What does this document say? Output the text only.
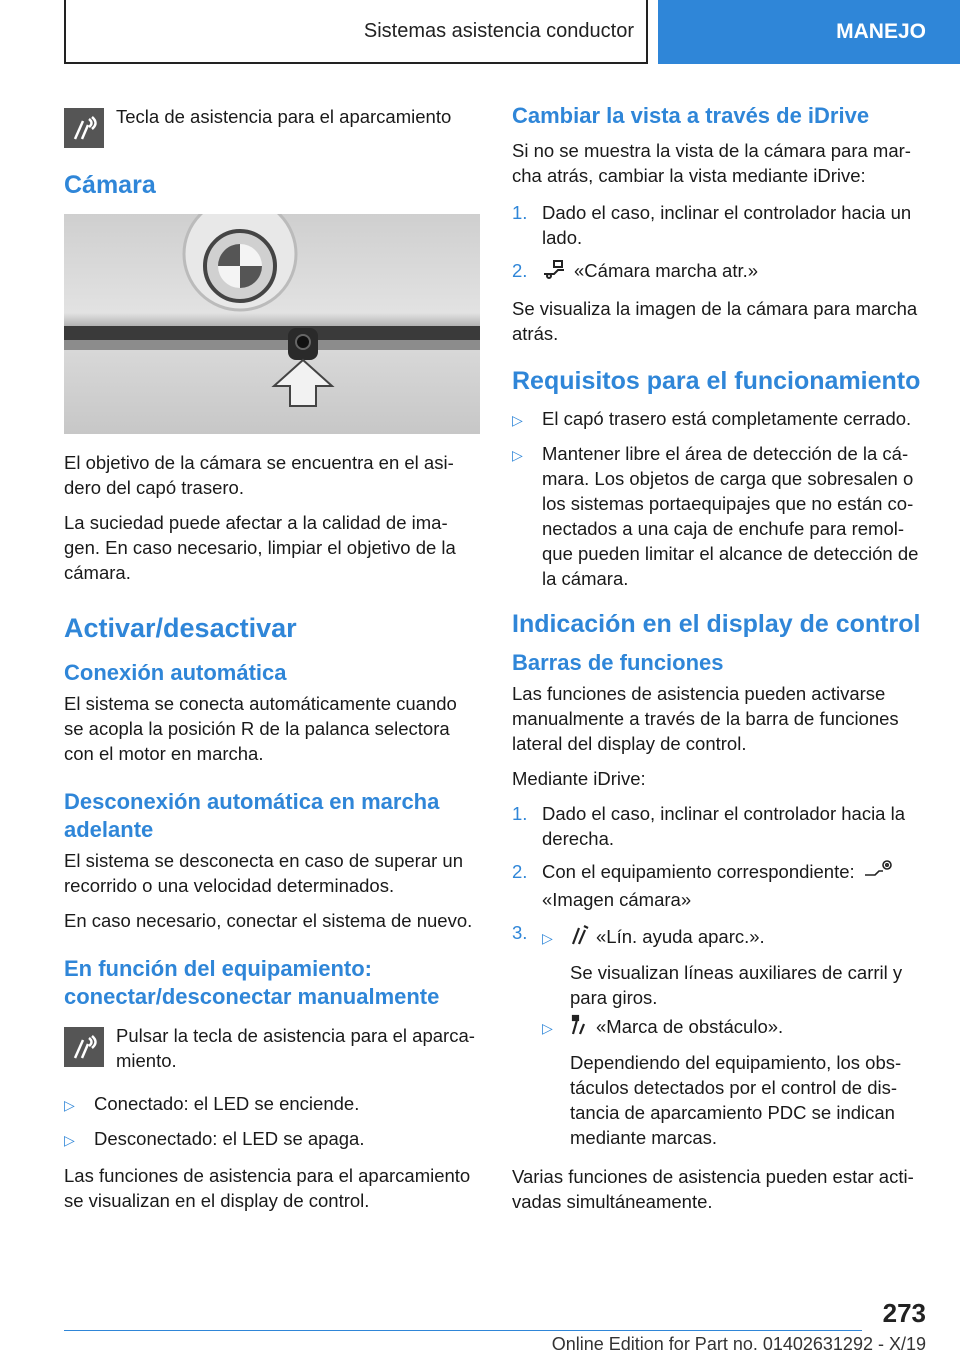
Sistemas asistencia conductor	MANEJO

Tecla de asistencia para el aparcamiento

Cámara

El objetivo de la cámara se encuentra en el asi- dero del capó trasero.

La suciedad puede afectar a la calidad de ima- gen. En caso necesario, limpiar el objetivo de la cámara.

Activar/desactivar
Conexión automática

El sistema se conecta automáticamente cuando se acopla la posición R de la palanca selectora con el motor en marcha.

Desconexión automática en marcha adelante

El sistema se desconecta en caso de superar un recorrido o una velocidad determinados.

En caso necesario, conectar el sistema de nuevo.

En función del equipamiento: conectar/desconectar manualmente

Pulsar la tecla de asistencia para el aparca- miento.

▷	Conectado: el LED se enciende.
▷	Desconectado: el LED se apaga.

Las funciones de asistencia para el aparcamiento se visualizan en el display de control.

Cambiar la vista a través de iDrive

Si no se muestra la vista de la cámara para mar- cha atrás, cambiar la vista mediante iDrive:

1. Dado el caso, inclinar el controlador hacia un lado.
2.	«Cámara marcha atr.»

Se visualiza la imagen de la cámara para marcha atrás.

Requisitos para el funcionamiento
▷	El capó trasero está completamente cerrado.
▷	Mantener libre el área de detección de la cá- mara. Los objetos de carga que sobresalen o los sistemas portaequipajes que no están co- nectados a una caja de enchufe para remol- que pueden limitar el alcance de detección de la cámara.
Indicación en el display de control
Barras de funciones

Las funciones de asistencia pueden activarse manualmente a través de la barra de funciones lateral del display de control.

Mediante iDrive:

1. Dado el caso, inclinar el controlador hacia la derecha.
2. Con el equipamiento correspondiente:
«Imagen cámara»
3.	▷	«Lín. ayuda aparc.».
Se visualizan líneas auxiliares de carril y para giros.
▷	«Marca de obstáculo».
Dependiendo del equipamiento, los obs- táculos detectados por el control de dis- tancia de aparcamiento PDC se indican mediante marcas.

Varias funciones de asistencia pueden estar acti- vadas simultáneamente.

273
Online Edition for Part no. 01402631292 - X/19
